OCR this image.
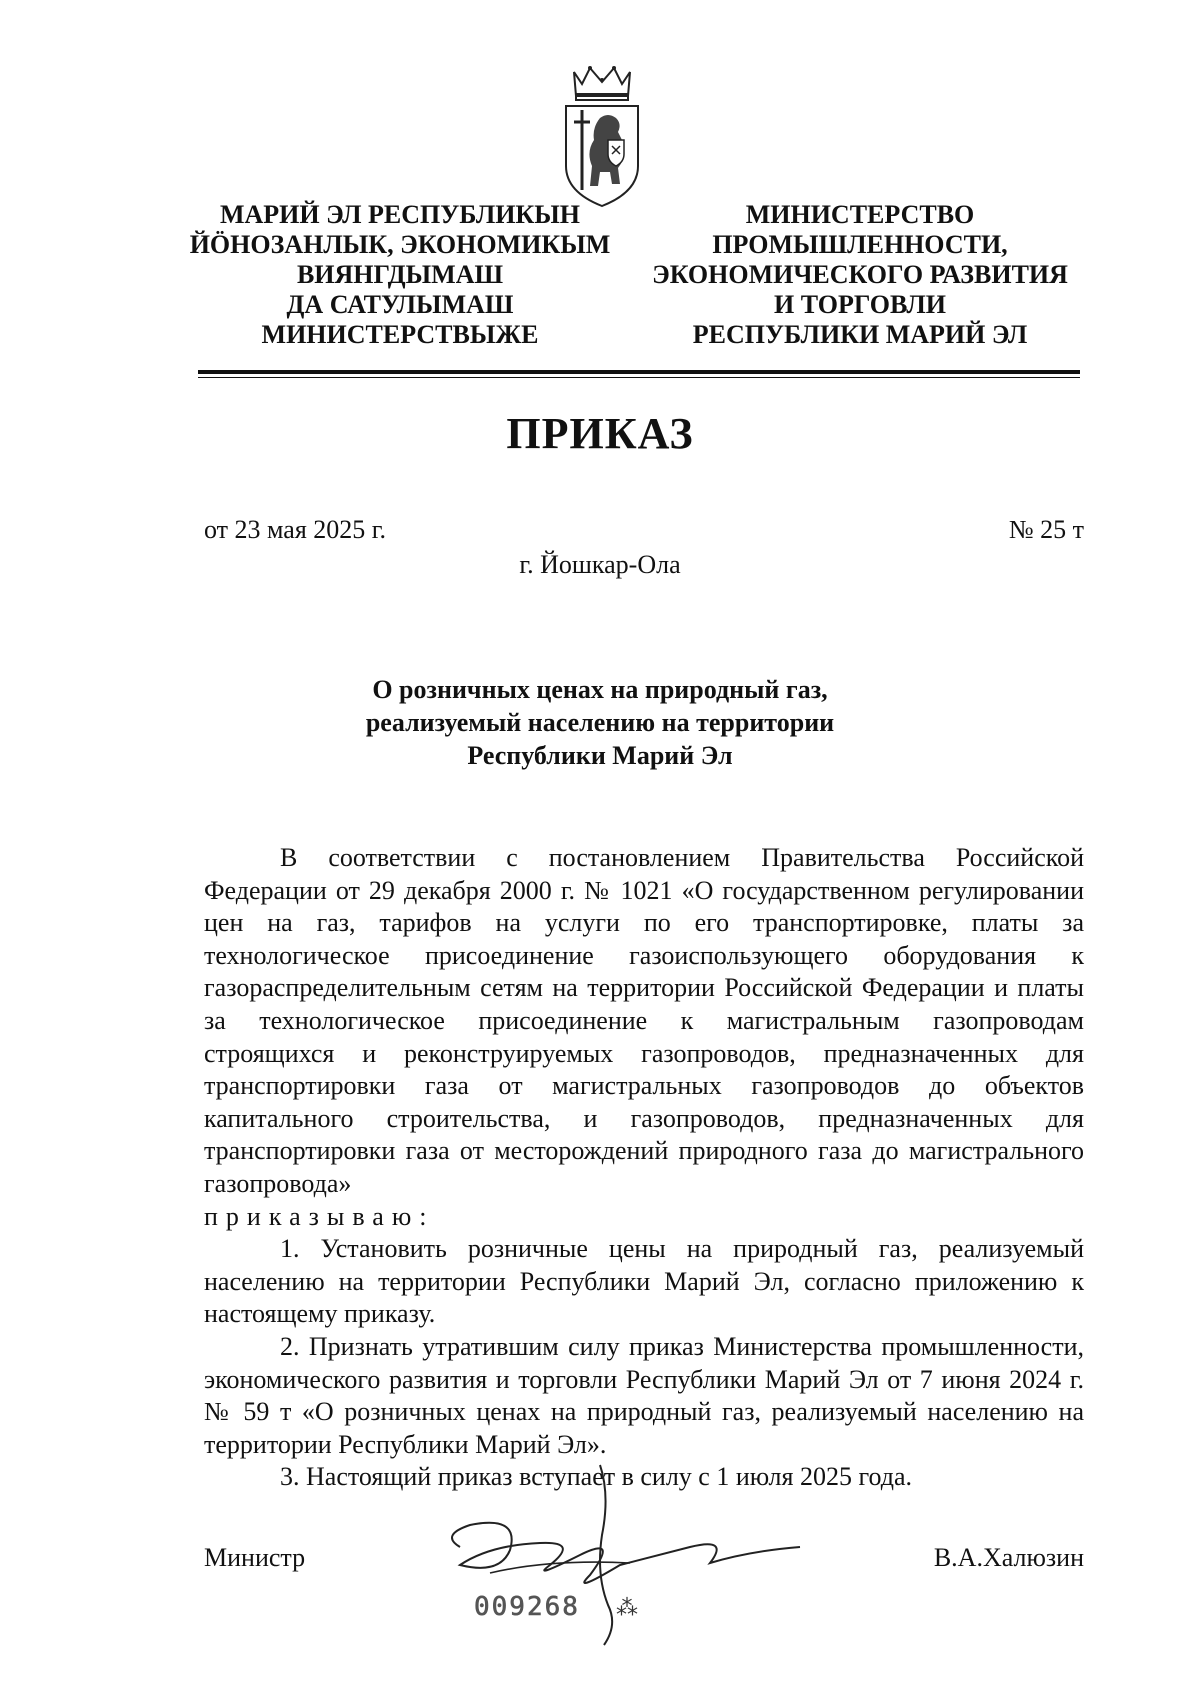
МАРИЙ ЭЛ РЕСПУБЛИКЫН
ЙӦНОЗАНЛЫК, ЭКОНОМИКЫМ
ВИЯНГДЫМАШ
ДА САТУЛЫМАШ
МИНИСТЕРСТВЫЖЕ
МИНИСТЕРСТВО
ПРОМЫШЛЕННОСТИ,
ЭКОНОМИЧЕСКОГО РАЗВИТИЯ
И ТОРГОВЛИ
РЕСПУБЛИКИ МАРИЙ ЭЛ
ПРИКАЗ
от 23 мая 2025 г.	№ 25 т
г. Йошкар-Ола
О розничных ценах на природный газ,
реализуемый населению на территории
Республики Марий Эл

В соответствии с постановлением Правительства Российской Федерации от 29 декабря 2000 г. № 1021 «О государственном регулировании цен на газ, тарифов на услуги по его транспортировке, платы за технологическое присоединение газоиспользующего оборудования к газораспределительным сетям на территории Российской Федерации и платы за технологическое присоединение к магистральным газопроводам строящихся и реконструируемых газопроводов, предназначенных для транспортировки газа от магистральных газопроводов до объектов капитального строительства, и газопроводов, предназначенных для транспортировки газа от месторождений природного газа до магистрального газопровода»

приказываю:

1. Установить розничные цены на природный газ, реализуемый населению на территории Республики Марий Эл, согласно приложению к настоящему приказу.

2. Признать утратившим силу приказ Министерства промышленности, экономического развития и торговли Республики Марий Эл от 7 июня 2024 г. № 59 т «О розничных ценах на природный газ, реализуемый населению на территории Республики Марий Эл».

3. Настоящий приказ вступает в силу с 1 июля 2025 года.

009268 ⁂
Министр	В.А.Халюзин
